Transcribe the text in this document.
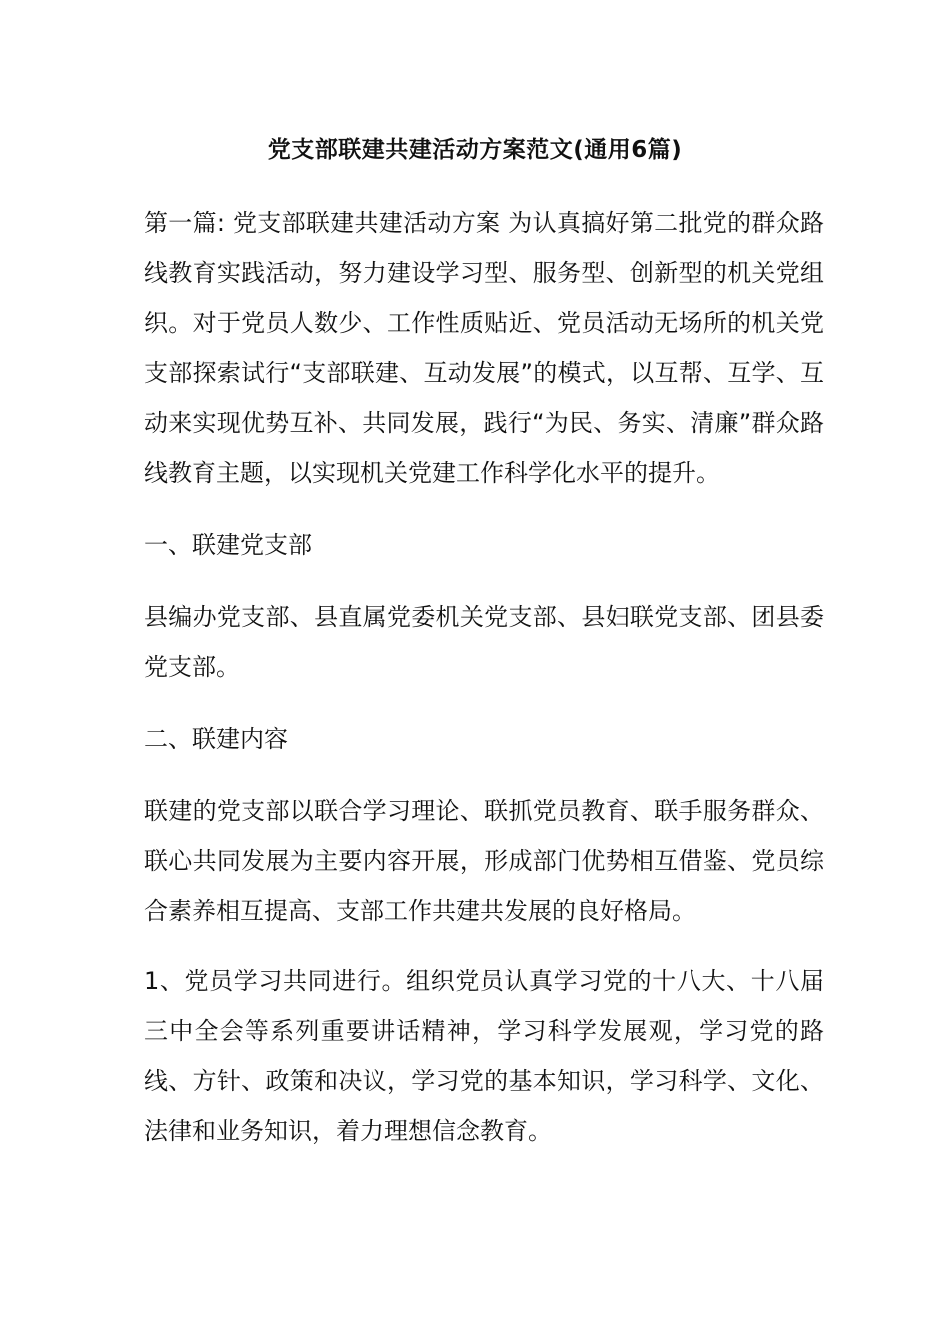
党支部联建共建活动方案范文(通用6篇)

第一篇: 党支部联建共建活动方案 为认真搞好第二批党的群众路线教育实践活动，努力建设学习型、服务型、创新型的机关党组织。对于党员人数少、工作性质贴近、党员活动无场所的机关党支部探索试行“支部联建、互动发展”的模式，以互帮、互学、互动来实现优势互补、共同发展，践行“为民、务实、清廉”群众路线教育主题，以实现机关党建工作科学化水平的提升。

一、联建党支部

县编办党支部、县直属党委机关党支部、县妇联党支部、团县委党支部。

二、联建内容

联建的党支部以联合学习理论、联抓党员教育、联手服务群众、联心共同发展为主要内容开展，形成部门优势相互借鉴、党员综合素养相互提高、支部工作共建共发展的良好格局。

1、党员学习共同进行。组织党员认真学习党的十八大、十八届三中全会等系列重要讲话精神，学习科学发展观，学习党的路线、方针、政策和决议，学习党的基本知识，学习科学、文化、法律和业务知识，着力理想信念教育。
